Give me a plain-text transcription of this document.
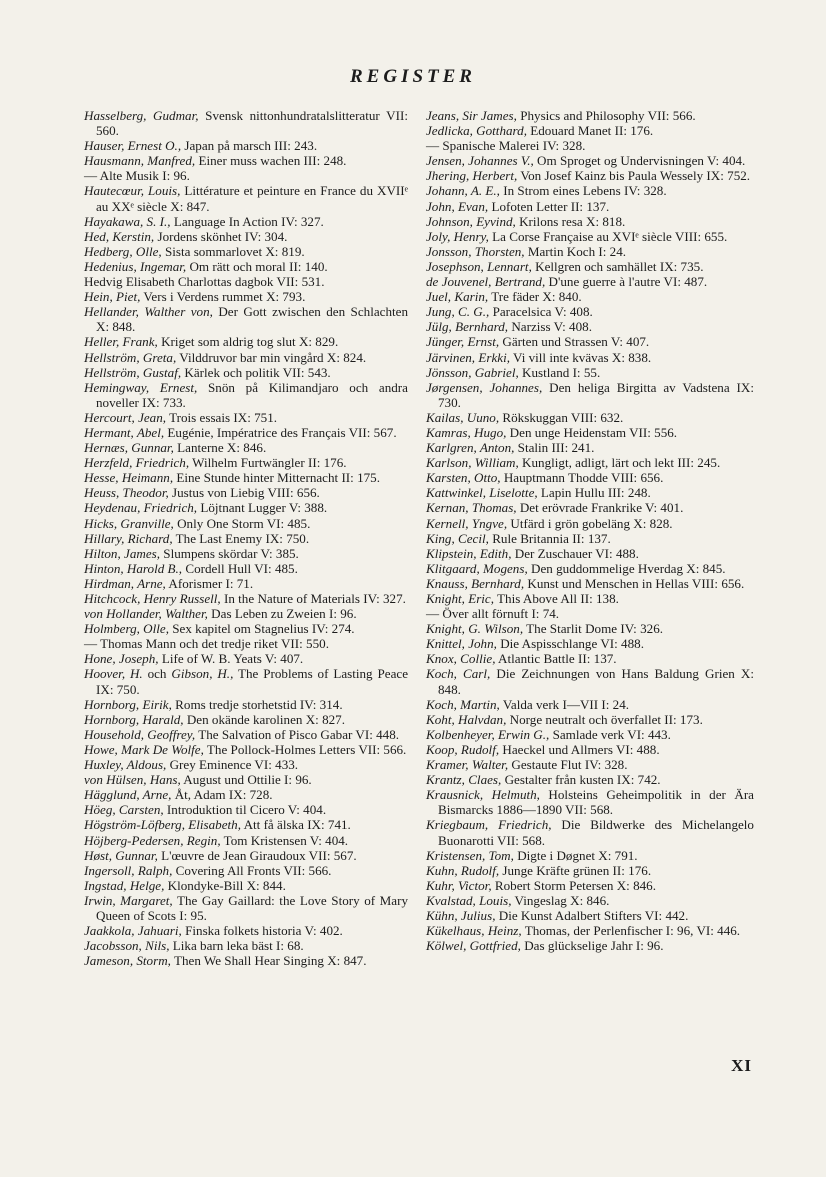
REGISTER

Hasselberg, Gudmar, Svensk nittonhundratalslitteratur VII: 560.

Hauser, Ernest O., Japan på marsch III: 243.

Hausmann, Manfred, Einer muss wachen III: 248.

— Alte Musik I: 96.

Hautecœur, Louis, Littérature et peinture en France du XVIIᵉ au XXᵉ siècle X: 847.

Hayakawa, S. I., Language In Action IV: 327.

Hed, Kerstin, Jordens skönhet IV: 304.

Hedberg, Olle, Sista sommarlovet X: 819.

Hedenius, Ingemar, Om rätt och moral II: 140.

Hedvig Elisabeth Charlottas dagbok VII: 531.

Hein, Piet, Vers i Verdens rummet X: 793.

Hellander, Walther von, Der Gott zwischen den Schlachten X: 848.

Heller, Frank, Kriget som aldrig tog slut X: 829.

Hellström, Greta, Vilddruvor bar min vingård X: 824.

Hellström, Gustaf, Kärlek och politik VII: 543.

Hemingway, Ernest, Snön på Kilimandjaro och andra noveller IX: 733.

Hercourt, Jean, Trois essais IX: 751.

Hermant, Abel, Eugénie, Impératrice des Français VII: 567.

Hernæs, Gunnar, Lanterne X: 846.

Herzfeld, Friedrich, Wilhelm Furtwängler II: 176.

Hesse, Heimann, Eine Stunde hinter Mitternacht II: 175.

Heuss, Theodor, Justus von Liebig VIII: 656.

Heydenau, Friedrich, Löjtnant Lugger V: 388.

Hicks, Granville, Only One Storm VI: 485.

Hillary, Richard, The Last Enemy IX: 750.

Hilton, James, Slumpens skördar V: 385.

Hinton, Harold B., Cordell Hull VI: 485.

Hirdman, Arne, Aforismer I: 71.

Hitchcock, Henry Russell, In the Nature of Materials IV: 327.

von Hollander, Walther, Das Leben zu Zweien I: 96.

Holmberg, Olle, Sex kapitel om Stagnelius IV: 274.

— Thomas Mann och det tredje riket VII: 550.

Hone, Joseph, Life of W. B. Yeats V: 407.

Hoover, H. och Gibson, H., The Problems of Lasting Peace IX: 750.

Hornborg, Eirik, Roms tredje storhetstid IV: 314.

Hornborg, Harald, Den okände karolinen X: 827.

Household, Geoffrey, The Salvation of Pisco Gabar VI: 448.

Howe, Mark De Wolfe, The Pollock-Holmes Letters VII: 566.

Huxley, Aldous, Grey Eminence VI: 433.

von Hülsen, Hans, August und Ottilie I: 96.

Hägglund, Arne, Åt, Adam IX: 728.

Höeg, Carsten, Introduktion til Cicero V: 404.

Högström-Löfberg, Elisabeth, Att få älska IX: 741.

Höjberg-Pedersen, Regin, Tom Kristensen V: 404.

Høst, Gunnar, L'œuvre de Jean Giraudoux VII: 567.

Ingersoll, Ralph, Covering All Fronts VII: 566.

Ingstad, Helge, Klondyke-Bill X: 844.

Irwin, Margaret, The Gay Gaillard: the Love Story of Mary Queen of Scots I: 95.

Jaakkola, Jahuari, Finska folkets historia V: 402.

Jacobsson, Nils, Lika barn leka bäst I: 68.

Jameson, Storm, Then We Shall Hear Singing X: 847.

Jeans, Sir James, Physics and Philosophy VII: 566.

Jedlicka, Gotthard, Edouard Manet II: 176.

— Spanische Malerei IV: 328.

Jensen, Johannes V., Om Sproget og Undervisningen V: 404.

Jhering, Herbert, Von Josef Kainz bis Paula Wessely IX: 752.

Johann, A. E., In Strom eines Lebens IV: 328.

John, Evan, Lofoten Letter II: 137.

Johnson, Eyvind, Krilons resa X: 818.

Joly, Henry, La Corse Française au XVIᵉ siècle VIII: 655.

Jonsson, Thorsten, Martin Koch I: 24.

Josephson, Lennart, Kellgren och samhället IX: 735.

de Jouvenel, Bertrand, D'une guerre à l'autre VI: 487.

Juel, Karin, Tre fäder X: 840.

Jung, C. G., Paracelsica V: 408.

Jülg, Bernhard, Narziss V: 408.

Jünger, Ernst, Gärten und Strassen V: 407.

Järvinen, Erkki, Vi vill inte kvävas X: 838.

Jönsson, Gabriel, Kustland I: 55.

Jørgensen, Johannes, Den heliga Birgitta av Vadstena IX: 730.

Kailas, Uuno, Rökskuggan VIII: 632.

Kamras, Hugo, Den unge Heidenstam VII: 556.

Karlgren, Anton, Stalin III: 241.

Karlson, William, Kungligt, adligt, lärt och lekt III: 245.

Karsten, Otto, Hauptmann Thodde VIII: 656.

Kattwinkel, Liselotte, Lapin Hullu III: 248.

Kernan, Thomas, Det erövrade Frankrike V: 401.

Kernell, Yngve, Utfärd i grön gobeläng X: 828.

King, Cecil, Rule Britannia II: 137.

Klipstein, Edith, Der Zuschauer VI: 488.

Klitgaard, Mogens, Den guddommelige Hverdag X: 845.

Knauss, Bernhard, Kunst und Menschen in Hellas VIII: 656.

Knight, Eric, This Above All II: 138.

— Över allt förnuft I: 74.

Knight, G. Wilson, The Starlit Dome IV: 326.

Knittel, John, Die Aspisschlange VI: 488.

Knox, Collie, Atlantic Battle II: 137.

Koch, Carl, Die Zeichnungen von Hans Baldung Grien X: 848.

Koch, Martin, Valda verk I—VII I: 24.

Koht, Halvdan, Norge neutralt och överfallet II: 173.

Kolbenheyer, Erwin G., Samlade verk VI: 443.

Koop, Rudolf, Haeckel und Allmers VI: 488.

Kramer, Walter, Gestaute Flut IV: 328.

Krantz, Claes, Gestalter från kusten IX: 742.

Krausnick, Helmuth, Holsteins Geheimpolitik in der Ära Bismarcks 1886—1890 VII: 568.

Kriegbaum, Friedrich, Die Bildwerke des Michelangelo Buonarotti VII: 568.

Kristensen, Tom, Digte i Døgnet X: 791.

Kuhn, Rudolf, Junge Kräfte grünen II: 176.

Kuhr, Victor, Robert Storm Petersen X: 846.

Kvalstad, Louis, Vingeslag X: 846.

Kühn, Julius, Die Kunst Adalbert Stifters VI: 442.

Kükelhaus, Heinz, Thomas, der Perlenfischer I: 96, VI: 446.

Kölwel, Gottfried, Das glückselige Jahr I: 96.

XI
